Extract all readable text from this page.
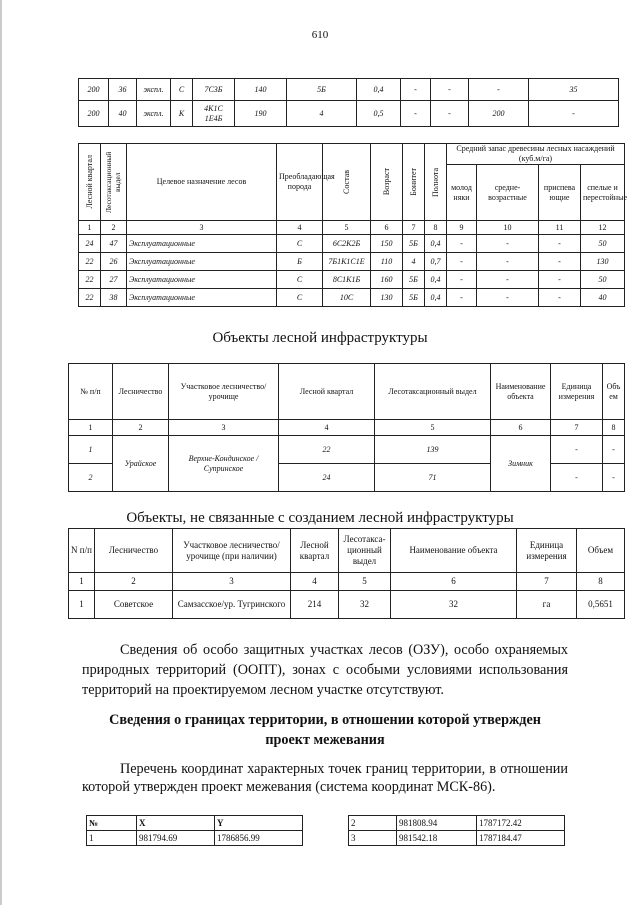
610
200	36	экспл.	С	7С3Б	140	5Б	0,4	-	-	-	35
200	40	экспл.	К	4К1С 1Е4Б	190	4	0,5	-	-	200	-
Лесной квартал	Лесотаксационный выдел	Целевое назначение лесов	Преобладающая порода	Состав	Возраст	Бонитет	Полнота	Средний запас древесины лесных насаждений (куб.м/га)			
								молодняки	средне-возрастные	приспевающие	спелые и перестойные
1	2	3	4	5	6	7	8	9	10	11	12
24	47	Эксплуатационные	С	6С2К2Б	150	5Б	0,4	-	-	-	50
22	26	Эксплуатационные	Б	7Б1К1С1Е	110	4	0,7	-	-	-	130
22	27	Эксплуатационные	С	8С1К1Б	160	5Б	0,4	-	-	-	50
22	38	Эксплуатационные	С	10С	130	5Б	0,4	-	-	-	40
Объекты лесной инфраструктуры
№ п/п	Лесничество	Участковое лесничество/урочище	Лесной квартал	Лесотаксационный выдел	Наименование объекта	Единица измерения	Объем
1	2	3	4	5	6	7	8
1	Урайское	Верхне-Кондинское / Супринское	22	139	Зимник	-	-
2			24	71		-	-
Объекты, не связанные с созданием лесной инфраструктуры
N п/п	Лесничество	Участковое лесничество/урочище (при наличии)	Лесной квартал	Лесотакса-ционный выдел	Наименование объекта	Единица измерения	Объем
1	2	3	4	5	6	7	8
1	Советское	Самзасское/ур. Тугринского	214	32	32	га	0,5651
Сведения об особо защитных участках лесов (ОЗУ), особо охраняемых природных территорий (ООПТ), зонах с особыми условиями использования территорий на проектируемом лесном участке отсутствуют.
Сведения о границах территории, в отношении которой утвержден проект межевания
Перечень координат характерных точек границ территории, в отношении которой утвержден проект межевания (система координат МСК-86).
№	X	Y
1	981794.69	1786856.99
2	981808.94	1787172.42
3	981542.18	1787184.47
